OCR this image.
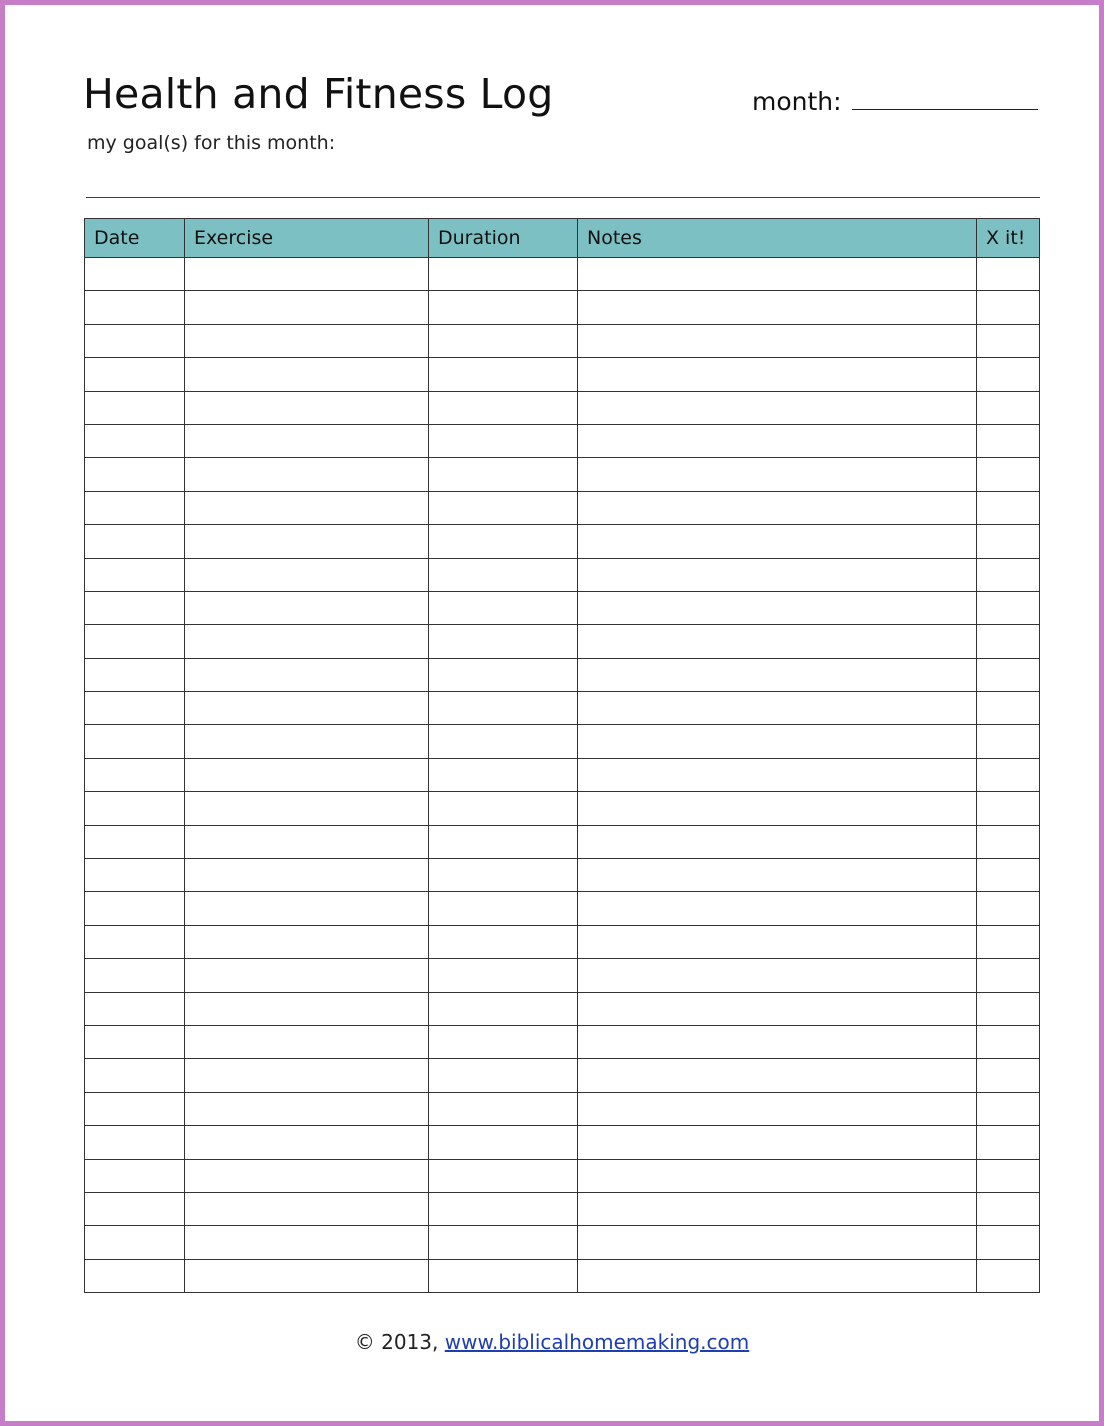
Health and Fitness Log	month:
my goal(s) for this month:
Date	Exercise	Duration	Notes	X it!

© 2013, www.biblicalhomemaking.com
